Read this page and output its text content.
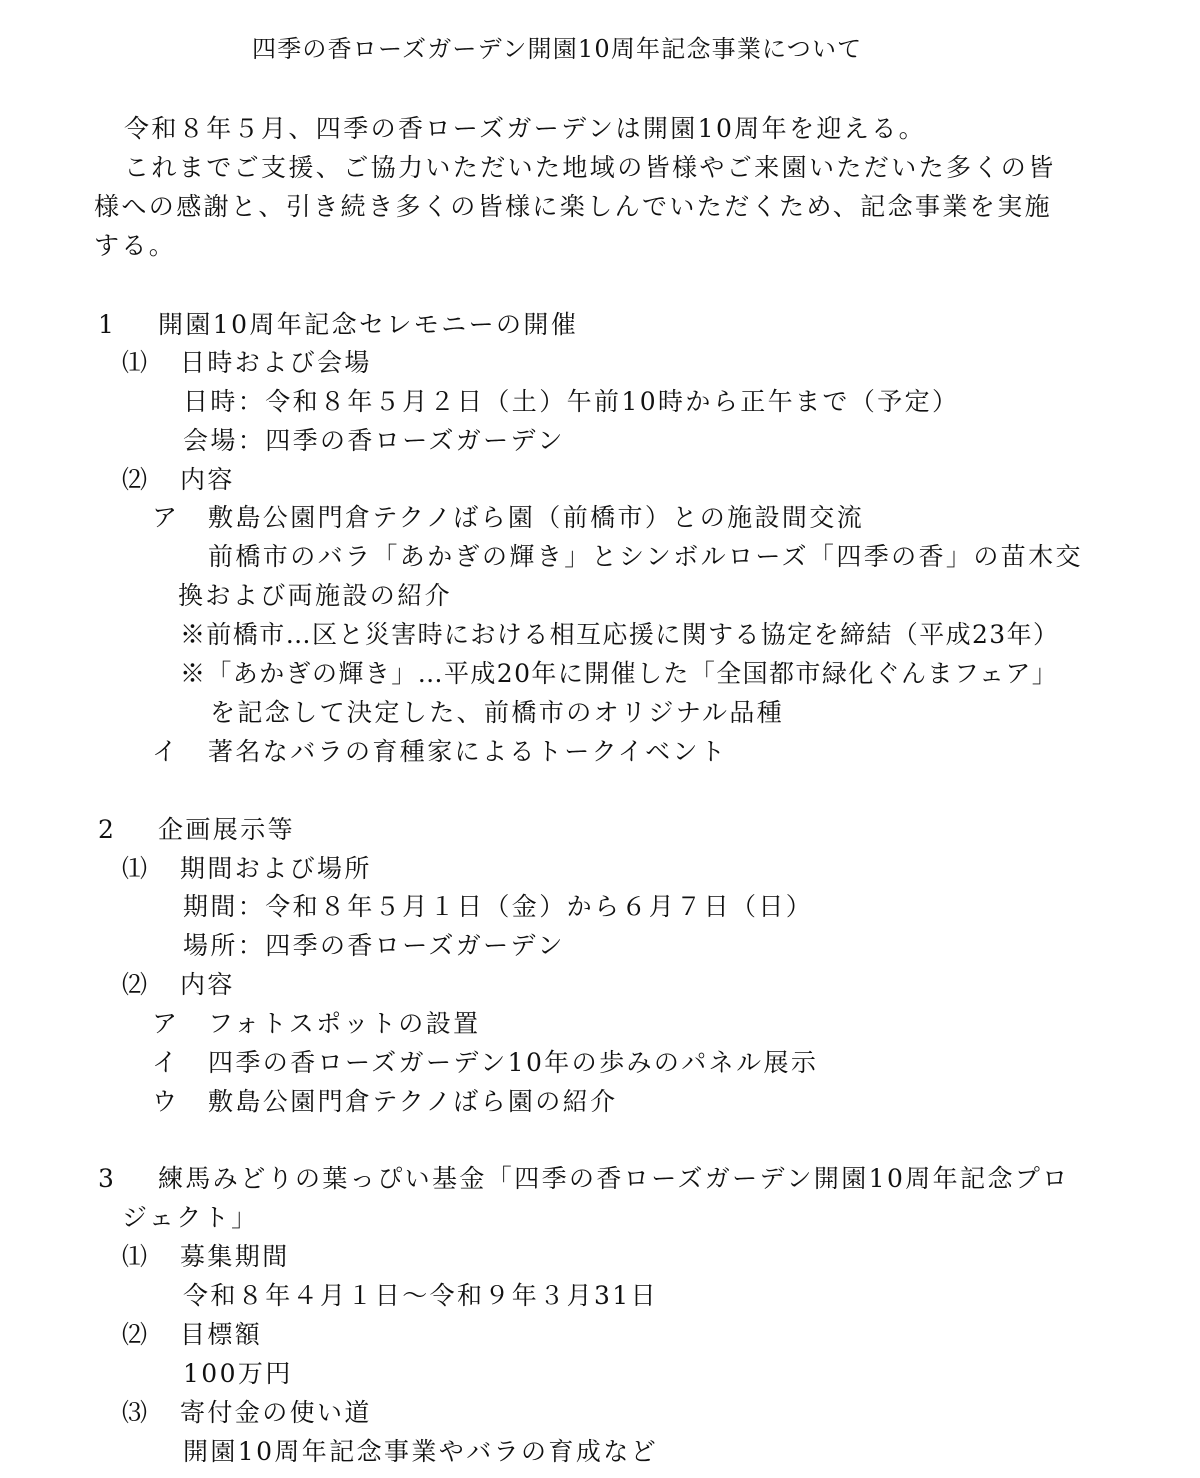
四季の香ローズガーデン開園10周年記念事業について

令和８年５月、四季の香ローズガーデンは開園10周年を迎える。

これまでご支援、ご協力いただいた地域の皆様やご来園いただいた多くの皆

様への感謝と、引き続き多くの皆様に楽しんでいただくため、記念事業を実施

する。

1 開園10周年記念セレモニーの開催

⑴ 日時および会場

日時：令和８年５月２日（土）午前10時から正午まで（予定）

会場：四季の香ローズガーデン

⑵ 内容

ア 敷島公園門倉テクノばら園（前橋市）との施設間交流

前橋市のバラ「あかぎの輝き」とシンボルローズ「四季の香」の苗木交

換および両施設の紹介

※前橋市…区と災害時における相互応援に関する協定を締結（平成23年）

※「あかぎの輝き」…平成20年に開催した「全国都市緑化ぐんまフェア」

を記念して決定した、前橋市のオリジナル品種

イ 著名なバラの育種家によるトークイベント

2 企画展示等

⑴ 期間および場所

期間：令和８年５月１日（金）から６月７日（日）

場所：四季の香ローズガーデン

⑵ 内容

ア フォトスポットの設置

イ 四季の香ローズガーデン10年の歩みのパネル展示

ウ 敷島公園門倉テクノばら園の紹介

3 練馬みどりの葉っぴい基金「四季の香ローズガーデン開園10周年記念プロ

ジェクト」

⑴ 募集期間

令和８年４月１日～令和９年３月31日

⑵ 目標額

100万円

⑶ 寄付金の使い道

開園10周年記念事業やバラの育成など
